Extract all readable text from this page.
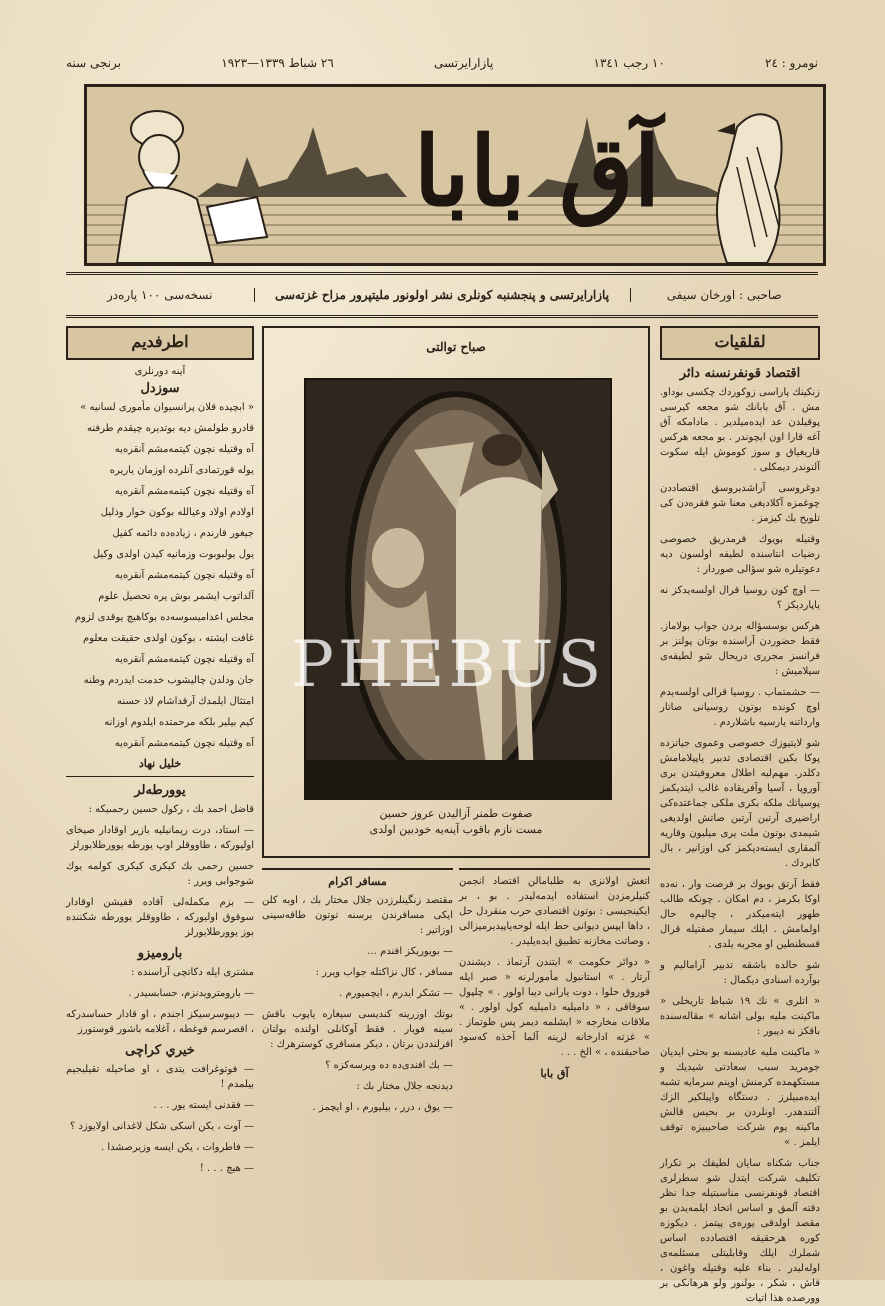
نومرو : ٢٤
١٠ رجب ١٣٤١
پازارایرتسی
٢٦ شباط ١٣٣٩—١٩٢٣
برنجی سنه
آق بابا
صاحبی : اورخان سیفی
پازارایرتسی و پنجشنبه کونلری نشر اولونور مليتپرور مزاح غزته‌سی
نسخه‌سی ١٠٠ پاره‌در
لقلقیات
اقتصاد قونفرنسنه دائر

زنکینك پاراسی زوکوردك چکسی بوداو. مش . آق بابانك شو مجعه کیرسی پوقيلدن عد ایده‌میلدیر . مادامکه آق آغه قارا اون ایچوندر . بو مجعه هرکس قاریغیاق و سوز کوموش ایله سکوت آلتوندر دیمکلی .

دوغروسی آراشدیروسق اقتصاددن چوغمزه آکلادیغی معنا شو فقره‌دن کی تلویح بك کیزمز .

وقتیله بويوك قرمدريق خصوصی رضيات انتاسنده لطيفه اولسون ديه دعوتيلره شو سؤالی صوردار :

— اوچ کون روسیا قرال اولسه‌یدکز نه یاپاردیکز ؟

هرکس بوسسؤاله بردن جواب بولاماز. فقط حضوردن آراسنده بوتان پولنز بر فرانسز مجرری دریحال شو لطیفه‌ی سیلامیش :

— حشمتماب . روسیا قرالی اولسه‌يدم اوچ کونده بوتون روسیانی صاتار وارداتنه یارسیه باشلاردم .

شو لایتیوزك خصوصی وعموی جیاتزده پوکا بکین اقتصادی تدبیر یاپيلامامش دکلدر. مهم‌لیه اطلال معروفیتدن بری آوروپا ، آسیا وآفریقاده غالب ایتدیکمز پوسياتك ملکه بکری ملکی جماعتده‌کی اراضيری آرتبن آرتبن صاتش اولديغی شيمدی بوتون ملت یری میلیون وقاریه آلمقاری ایسته‌دیکمز کی اوزانیر ، بال کابردك .

فقط آرتق بويوك بر فرصت وار ، نه‌ده اوكا بكرمز ، دم امکان . چونکه طالب طهور ایته‌میکدر ، چالیم‌ه حال اولمامش . ایلك سیمار صفتیله قرال قسطنطین او مجربه یلدی .

شو حالده باشقه تدبیر آرامالیم و بوآرده اسنادی دیکمال :

« اتلری » نك ١٩ شباط تاریخلی « ماکینت ملیه بولی اشانه » مقاله‌سنده باقکز نه دیبور :

« ماکینت ملیه عاديسنه بو بحثی ایدیان جومرید سبب سعادتی شيدیك و مستکهمده کرمنش اوینم سرمایه تشبه ایده‌مبیلرز . دستگاه واپیلکير الزك آلتندهدر. اونلردن بر بحیس قالش ماکينه یوم شرکت صاحیبيزه توقف ایلمز . »

جناب شکناه سایان لطیفك بر تکرار تکليف شرکت ايتدل شو سطرلری اقتصاد قونفرنسی مناسبتيله جدا نظر دقته آلمق و اساس اتخاذ ایلمه‌یدن بو مقصد اولدقی یوره‌ی پیتمز . دیکوزه کوره هرحقیقه اقتصادده اساس شملرك ایلك وقابلیتلی مسئلمه‌ی اوله‌لیدر . بناء علیه وقتیله واغون ، قاش ، شکر ، بولنور ولو هرهانکی بر وورصده هذا اتیات

اطرفدیم
آینه دورنلری
سوزدل

« ابچیده قلان پرانسیوان مأموری لسانیه »

قادرو طولمش دیه بوتدیره چیقدم طرفنه

آه وقتیله نچون کیتمه‌مشم آنقره‌یه

یوله قورتمادی آنلرده اوزمان یاریره

آه وقتیله نچون کیتمه‌مشم آنقره‌یه

اولادم اولاد وعیالله بوکون خوار وذلیل

جیغور قارندم ، زیاده‌ده دائمه کفيل

يول يولبوبوت وزمانيه كيدن اولدی وکيل

آه وقتیله نچون کیتمه‌مشم آنقره‌یه

آلداتوب ایشمر بوش یره تحصیل علوم

مجلس اعدامیسوسه‌ده بوکاهیچ یوقدی لزوم

غافت ایشته ، بوکون اولدی حقیقت معلوم

آه وقتیله نچون کیتمه‌مشم آنقره‌یه

جان ودلدن چالیشوب خدمت ایدردم وطنه

امتثال ایلمدك آرقداشام لاذ حسنه

کیم بیلیر بلکه مرحمتده ایلدوم اوزانه

آه وقتیله نچون کیتمه‌مشم آنقره‌یه

خلیل نهاد
يوورطه‌لر

قاضل احمد بك ، ركول حسين رحمىيكه :

— استاد، درت ریمانیلیه بازیر اوقادار صیخای اولیورکه ، طاووقلر اوپ یورطه يوورطلابورلز

حسين رحمى بك كيكرى كيكرى كولمه‌ یوك شوجوابی ویرر :

— بزم مکمله‌لی آقاده قفيشن اوقادار سوقوق اولیورکه ، طاووقلر يوورطه شکننده بوز يوورطلايورلز

باروميزو

مشتری ایله دکاتچی آراسنده :

— بارومترویدنزم، حسابسيدر .

— ديبوسرسيكز اجندم ، او قادار حساسدركه ، اقصرسم فوغطه ، آغلامه باشور قوستورز

خيري کراچی

— فوتوغرافت يتدى ، او صاحيله تقیلیجیم بیلمدم !

— فقدنی ايسته‌ یور . . .

— آوت ، يكن اسكى شكل لاغدانی اولايوزد ؟

— فاطروات ، يكن ایسه وزیرصشدا .

— هیچ . . . !

صباح توالتی
صفوت طمنر آزاليدن عروز حسين
مست نازم باقوب آينه‌يه خودبين اولدى
مسافر اكرام

مقتصد زنگینلرزدن جلال مختار بك ، اوبه کلن ایکی مسافرندن برسنه توتون طاقه‌سینی اوزاتیر :

— بویوریکز افندم ...

مسافر ، کال نزاکتله جواب ویرر :

— تشکر ایدرم ، ایچمیورم .

بوتك اوزرینه کندیسی سیغاره یاپوب باقش سینه فويار . فقط آوكانلی اولنده بولتان افرلنددن برتان ، دیکر مسافری کوسترهرك :

— بك افندی‌ده ده ويرسه‌كزه ؟

ديدنجه جلال مختار بك :

— يوق ، درر ، بيليورم ، او ايچمز .

اتغش اولانزی به طلبامالن اقتصاد انجمن کنیلرمزدن استفاده ایدمه‌لیدر . بو ، بر ایکینجیسی : بوتون اقتصادی حرب منقردل حل ، داها ایپس دیوانی حط ایله لوحه‌یاپیدیرمیزالی ، وصاتت مخازنه تطبیق ایده‌یلیدر .

« دوائر حکومت » ایتندن آرتماذ . دیشندن آرتار . » استانبول مأمورلرنه « صبر ايله قوروق حلوا ، دوت يارانی ديبا اولور . » چلپول سوقاقی ، « دامیلیه دامیلیه كول اولور . » ملاقات مخارجه « ايشلمه ديمر پس طوتماز . » غزته ادارخانه‌ لرینه آلما آخذه كه‌سود صاحبقنده ، » الخ . . .

آق بابا
PHEBUS
